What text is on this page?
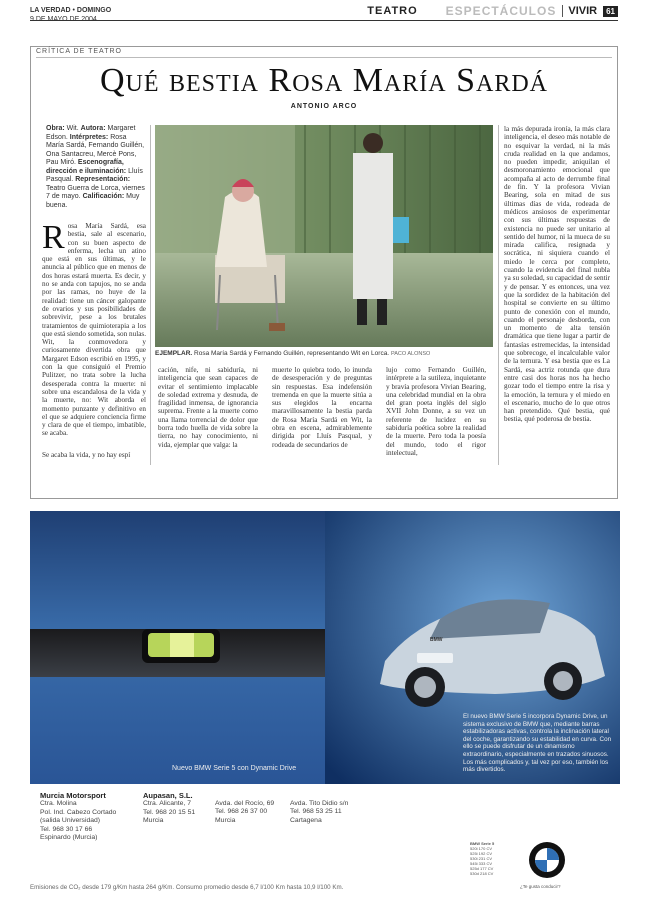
LA VERDAD • DOMINGO	TEATRO ESPECTÁCULOS	VIVIR	61
CRÍTICA DE TEATRO
Qué bestia Rosa María Sardá
ANTONIO ARCO
Obra: Wit. Autora: Margaret Edson. Intérpretes: Rosa María Sardá, Fernando Guillén, Ona Santacreu, Mercè Pons, Pau Miró. Escenografía, dirección e iluminación: Lluís Pasqual. Representación: Teatro Guerra de Lorca, viernes 7 de mayo. Calificación: Muy buena.
Rosa María Sardá, esa bestia, sale al escenario, con su buen aspecto de enferma, lecha un atino que está en sus últimas, y le anuncia al público que en menos de dos horas estará muerta. Es decir, y no se anda con tapujos, no se anda por las ramas, no huye de la realidad: tiene un cáncer galopante de ovarios y sus posibilidades de sobrevivir, pese a los brutales tratamientos de quimioterapia a los que está siendo sometida, son nulas. Wit, la conmovedora y curiosamente divertida obra que Margaret Edson escribió en 1995, y con la que consiguió el Premio Pulitzer, no trata sobre la lucha desesperada contra la muerte: ni sobre una escandalosa de la vida y la muerte, no: Wit aborda el momento punzante y definitivo en el que se adquiere conciencia firme y clara de que el tiempo, imbatible, se acaba.
Se acaba la vida, y no hay espí
EJEMPLAR. Rosa María Sardá y Fernando Guillén, representando Wit en Lorca. PACO ALONSO
cación, nife, ni sabiduría, ni inteligencia que sean capaces de evitar el sentimiento implacable de soledad extrema y desnuda, de fragilidad inmensa, de ignorancia suprema. Frente a la muerte como una llama torrencial de dolor que borra todo huella de vida sobre la tierra, no hay conocimiento, ni vida, ejemplar que valga: la
muerte lo quiebra todo, lo inunda de desesperación y de preguntas sin respuestas. Esa indefensión tremenda en que la muerte sitúa a sus elegidos la encarna maravillosamente la bestia parda de Rosa María Sardá en Wit, la obra en escena, admirablemente dirigida por Lluís Pasqual, y rodeada de secundarios de
lujo como Fernando Guillén, intérprete a la sutileza, inquietante y bravía profesora Vivian Bearing, una celebridad mundial en la obra del gran poeta inglés del siglo XVII John Donne, a su vez un referente de lucidez en su sabiduría poética sobre la realidad de la muerte. Pero toda la poesía del mundo, todo el rigor intelectual,
la más depurada ironía, la más clara inteligencia, el deseo más notable de no esquivar la verdad, ni la más cruda realidad en la que andamos, no pueden impedir, aniquilan el desmoronamiento emocional que acompaña al acto de derrumbe final de fin. Y la profesora Vivian Bearing, sola en mitad de sus últimas días de vida, rodeada de médicos ansiosos de experimentar con sus últimas respuestas de existencia no puede ser unitario al sentido del humor, ni la mueca de su mirada califica, resignada y socrática, ni siquiera cuando el miedo le cerca por completo, cuando la evidencia del final nubla ya su soledad, su capacidad de sentir y de pensar. Y es entonces, una vez que la sordidez de la habitación del hospital se convierte en su último punto de conexión con el mundo, cuando el personaje desborda, con un momento de alta tensión dramática que tiene lugar a partir de fantasías estremecidas, la intensidad que sobrecoge, el incalculable valor de la ternura. Y esa bestia que es La Sardá, esa actriz rotunda que dura entre casi dos horas nos ha hecho gozar todo el tiempo entre la risa y la emoción, la ternura y el miedo en el escenario, mucho de lo que otros han pretendido. Qué bestia, qué bestia, qué poderosa de bestia.
BMW
Nuevo BMW Serie 5 con Dynamic Drive
El nuevo BMW Serie 5 incorpora Dynamic Drive, un sistema exclusivo de BMW que, mediante barras estabilizadoras activas, controla la inclinación lateral del coche, garantizando su estabilidad en curva. Con ello se puede disfrutar de un dinamismo extraordinario, especialmente en trazados sinuosos. Los más complicados y, tal vez por eso, también los más divertidos.
Murcia Motorsport
Ctra. Molina
Pol. Ind. Cabezo Cortado
(salida Universidad)
Tel. 968 30 17 66
Espinardo (Murcia)
Aupasan, S.L.
Ctra. Alicante, 7
Tel. 968 20 15 51
Murcia
Avda. del Rocío, 69
Tel. 968 26 37 00
Murcia
Avda. Tito Didio s/n
Tel. 968 53 25 11
Cartagena
BMW Serie 5
520i 170 CV
525i 192 CV
530i 231 CV
545i 333 CV
525d 177 CV
530d 218 CV
¿Te gusta conducir?
Emisiones de CO₂ desde 179 g/Km hasta 264 g/Km. Consumo promedio desde 6,7 l/100 Km hasta 10,9 l/100 Km.
